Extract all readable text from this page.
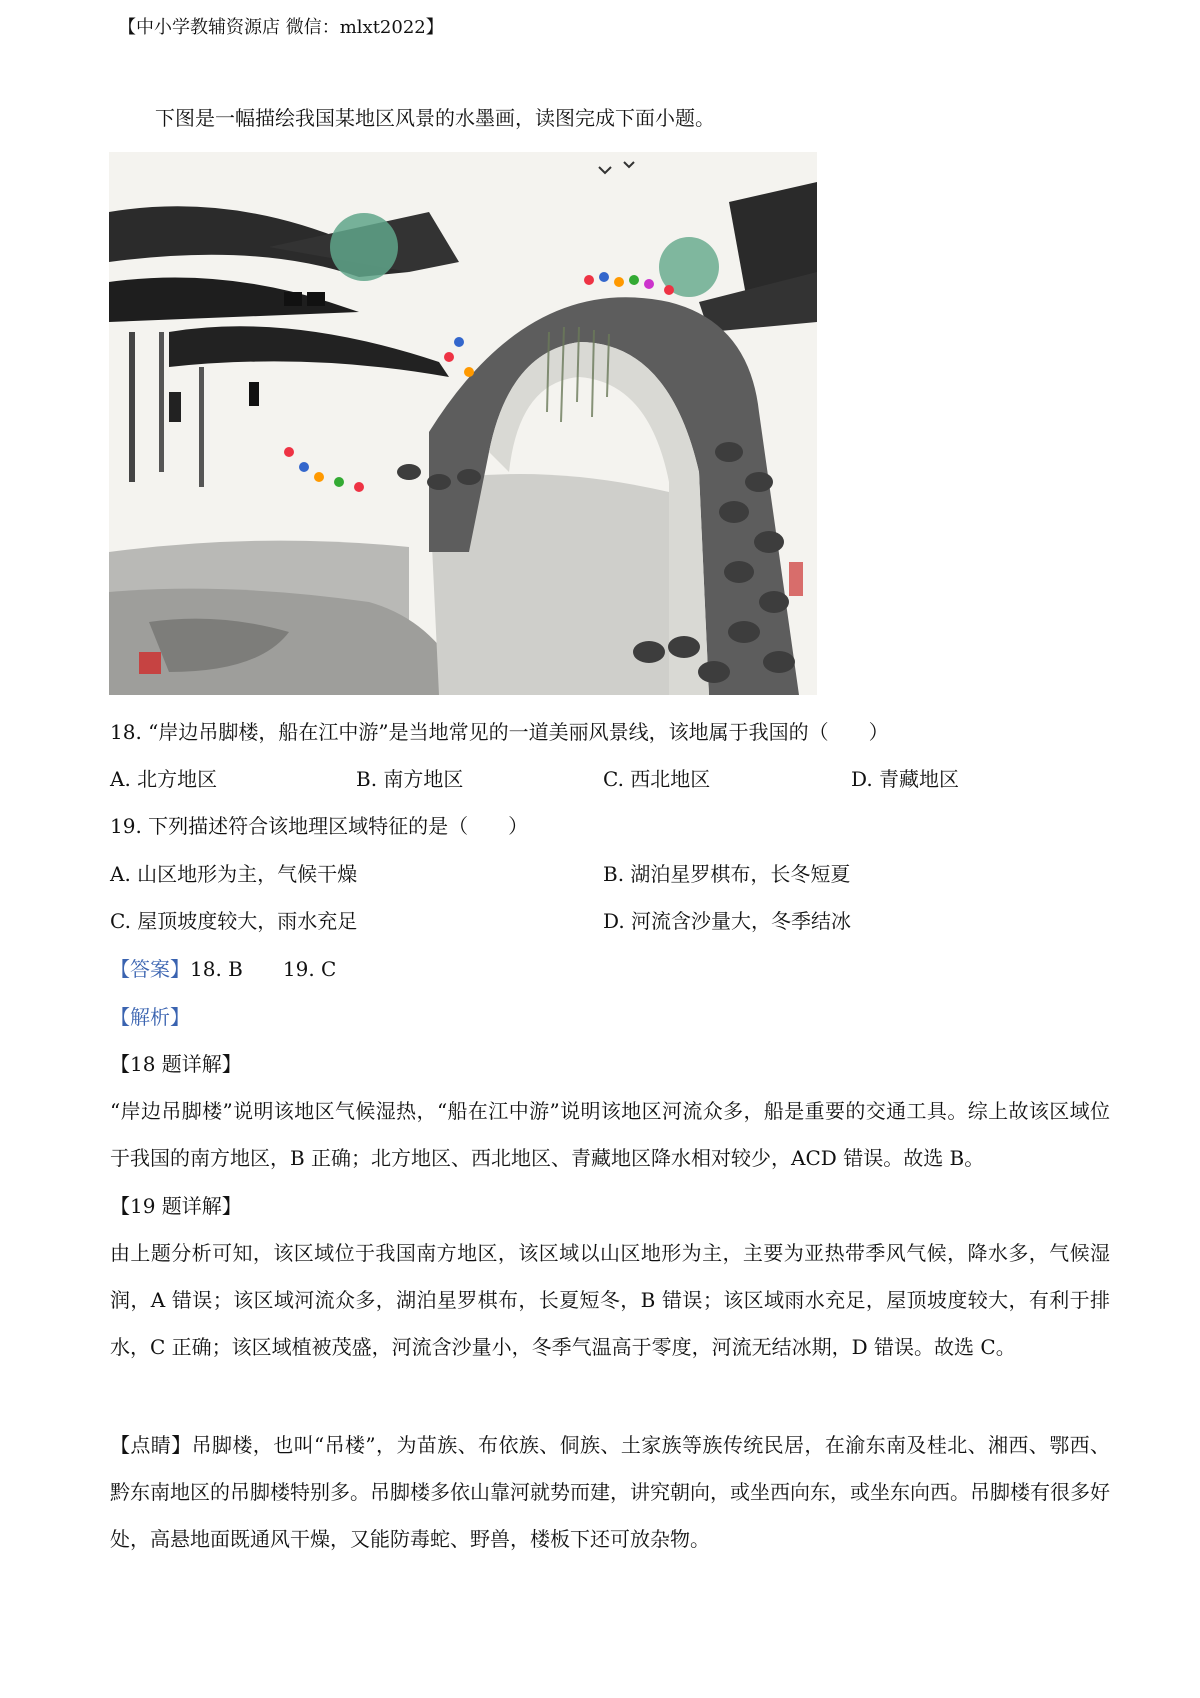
【中小学教辅资源店 微信：mlxt2022】
下图是一幅描绘我国某地区风景的水墨画，读图完成下面小题。
18. “岸边吊脚楼，船在江中游”是当地常见的一道美丽风景线，该地属于我国的（　　）
A. 北方地区	B. 南方地区	C. 西北地区	D. 青藏地区
19. 下列描述符合该地理区域特征的是（　　）
A. 山区地形为主，气候干燥	B. 湖泊星罗棋布，长冬短夏
C. 屋顶坡度较大，雨水充足	D. 河流含沙量大，冬季结冰
【答案】18. B 19. C
【解析】
【18 题详解】
“岸边吊脚楼”说明该地区气候湿热，“船在江中游”说明该地区河流众多，船是重要的交通工具。综上故该区域位于我国的南方地区，B 正确；北方地区、西北地区、青藏地区降水相对较少，ACD 错误。故选 B。
【19 题详解】
由上题分析可知，该区域位于我国南方地区，该区域以山区地形为主，主要为亚热带季风气候，降水多，气候湿润，A 错误；该区域河流众多，湖泊星罗棋布，长夏短冬，B 错误；该区域雨水充足，屋顶坡度较大，有利于排水，C 正确；该区域植被茂盛，河流含沙量小，冬季气温高于零度，河流无结冰期，D 错误。故选 C。
【点睛】吊脚楼，也叫“吊楼”，为苗族、布依族、侗族、土家族等族传统民居，在渝东南及桂北、湘西、鄂西、黔东南地区的吊脚楼特别多。吊脚楼多依山靠河就势而建，讲究朝向，或坐西向东，或坐东向西。吊脚楼有很多好处，高悬地面既通风干燥，又能防毒蛇、野兽，楼板下还可放杂物。
